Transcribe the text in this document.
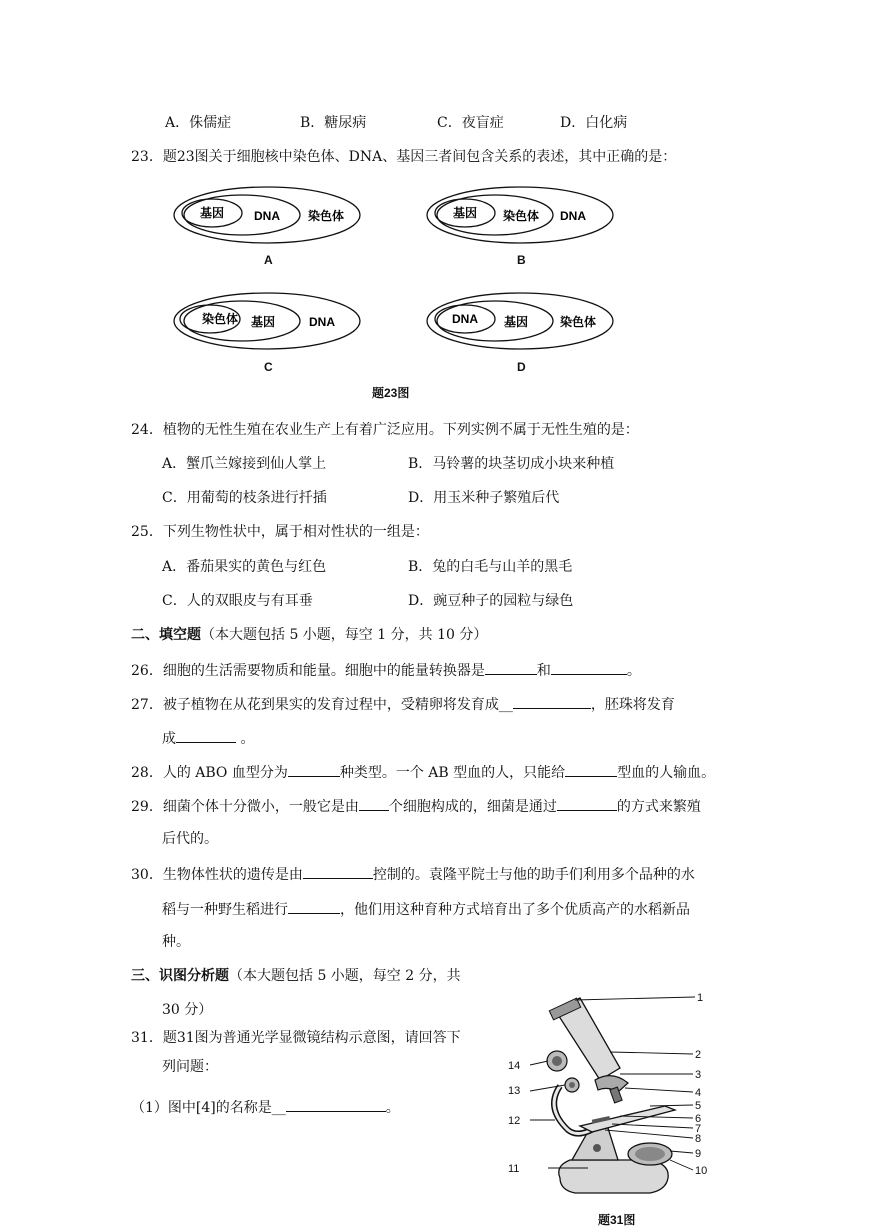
A．侏儒症	B．糖尿病	C．夜盲症	D．白化病
23．题23图关于细胞核中染色体、DNA、基因三者间包含关系的表述，其中正确的是：
基因 DNA 染色体	基因 染色体 DNA
染色体 基因	DNA	DNA 基因	染色体
A	B
C	D
题23图
24．植物的无性生殖在农业生产上有着广泛应用。下列实例不属于无性生殖的是：
A．蟹爪兰嫁接到仙人掌上	B．马铃薯的块茎切成小块来种植
C．用葡萄的枝条进行扦插	D．用玉米种子繁殖后代
25．下列生物性状中，属于相对性状的一组是：
A．番茄果实的黄色与红色	B．兔的白毛与山羊的黑毛
C．人的双眼皮与有耳垂	D．豌豆种子的园粒与绿色
二、填空题（本大题包括 5 小题，每空 1 分，共 10 分）
26．细胞的生活需要物质和能量。细胞中的能量转换器是	和	。
27．被子植物在从花到果实的发育过程中，受精卵将发育成__	，胚珠将发育
成	。
28．人的 ABO 血型分为	种类型。一个 AB 型血的人，只能给	型血的人输血。
29．细菌个体十分微小，一般它是由 个细胞构成的，细菌是通过	的方式来繁殖
后代的。
30．生物体性状的遗传是由	控制的。袁隆平院士与他的助手们利用多个品种的水
稻与一种野生稻进行	，他们用这种育种方式培育出了多个优质高产的水稻新品
种。
三、识图分析题（本大题包括 5 小题，每空 2 分，共
30 分）
31．题31图为普通光学显微镜结构示意图，请回答下
列问题：
（1）图中[4]的名称是__	。
1
2
3
4
5
6
7
8
9
10
11
12
13
14
题31图
